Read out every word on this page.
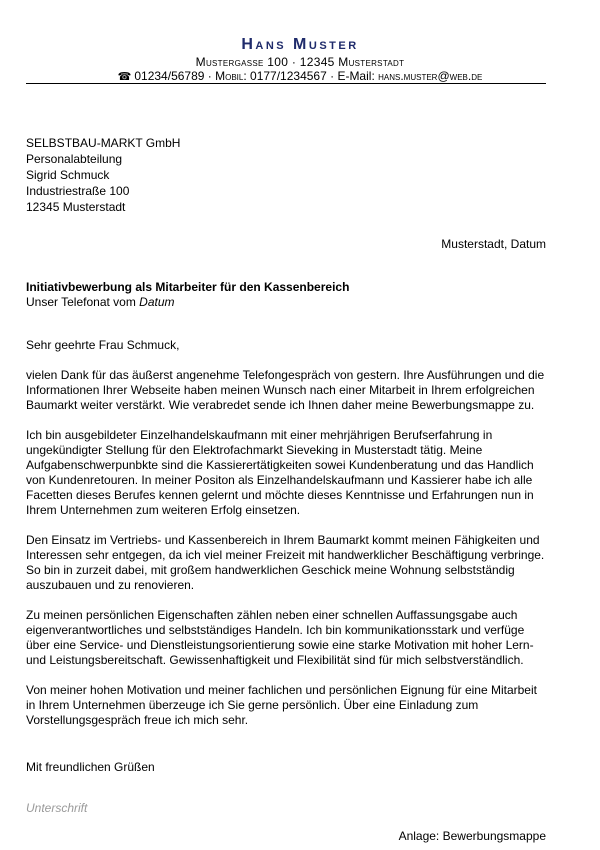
Hans Muster
Mustergasse 100 · 12345 Musterstadt
☎ 01234/56789 · Mobil: 0177/1234567 · E-Mail: hans.muster@web.de
SELBSTBAU-MARKT GmbH
Personalabteilung
Sigrid Schmuck
Industriestraße 100
12345 Musterstadt
Musterstadt, Datum
Initiativbewerbung als Mitarbeiter für den Kassenbereich
Unser Telefonat vom Datum

Sehr geehrte Frau Schmuck,

vielen Dank für das äußerst angenehme Telefongespräch von gestern. Ihre Ausführungen und die Informationen Ihrer Webseite haben meinen Wunsch nach einer Mitarbeit in Ihrem erfolgreichen Baumarkt weiter verstärkt. Wie verabredet sende ich Ihnen daher meine Bewerbungsmappe zu.

Ich bin ausgebildeter Einzelhandelskaufmann mit einer mehrjährigen Berufserfahrung in ungekündigter Stellung für den Elektrofachmarkt Sieveking in Musterstadt tätig. Meine Aufgabenschwerpunbkte sind die Kassierertätigkeiten sowei Kundenberatung und das Handlich von Kundenretouren. In meiner Positon als Einzelhandelskaufmann und Kassierer habe ich alle Facetten dieses Berufes kennen gelernt und möchte dieses Kenntnisse und Erfahrungen nun in Ihrem Unternehmen zum weiteren Erfolg einsetzen.

Den Einsatz im Vertriebs- und Kassenbereich in Ihrem Baumarkt kommt meinen Fähigkeiten und Interessen sehr entgegen, da ich viel meiner Freizeit mit handwerklicher Beschäftigung verbringe. So bin in zurzeit dabei, mit großem handwerklichen Geschick meine Wohnung selbstständig auszubauen und zu renovieren.

Zu meinen persönlichen Eigenschaften zählen neben einer schnellen Auffassungsgabe auch eigenverantwortliches und selbstständiges Handeln. Ich bin kommunikationsstark und verfüge über eine Service- und Dienstleistungsorientierung sowie eine starke Motivation mit hoher Lern- und Leistungsbereitschaft. Gewissenhaftigkeit und Flexibilität sind für mich selbstverständlich.

Von meiner hohen Motivation und meiner fachlichen und persönlichen Eignung für eine Mitarbeit in Ihrem Unternehmen überzeuge ich Sie gerne persönlich. Über eine Einladung zum Vorstellungsgespräch freue ich mich sehr.

Mit freundlichen Grüßen
Unterschrift
Anlage: Bewerbungsmappe
